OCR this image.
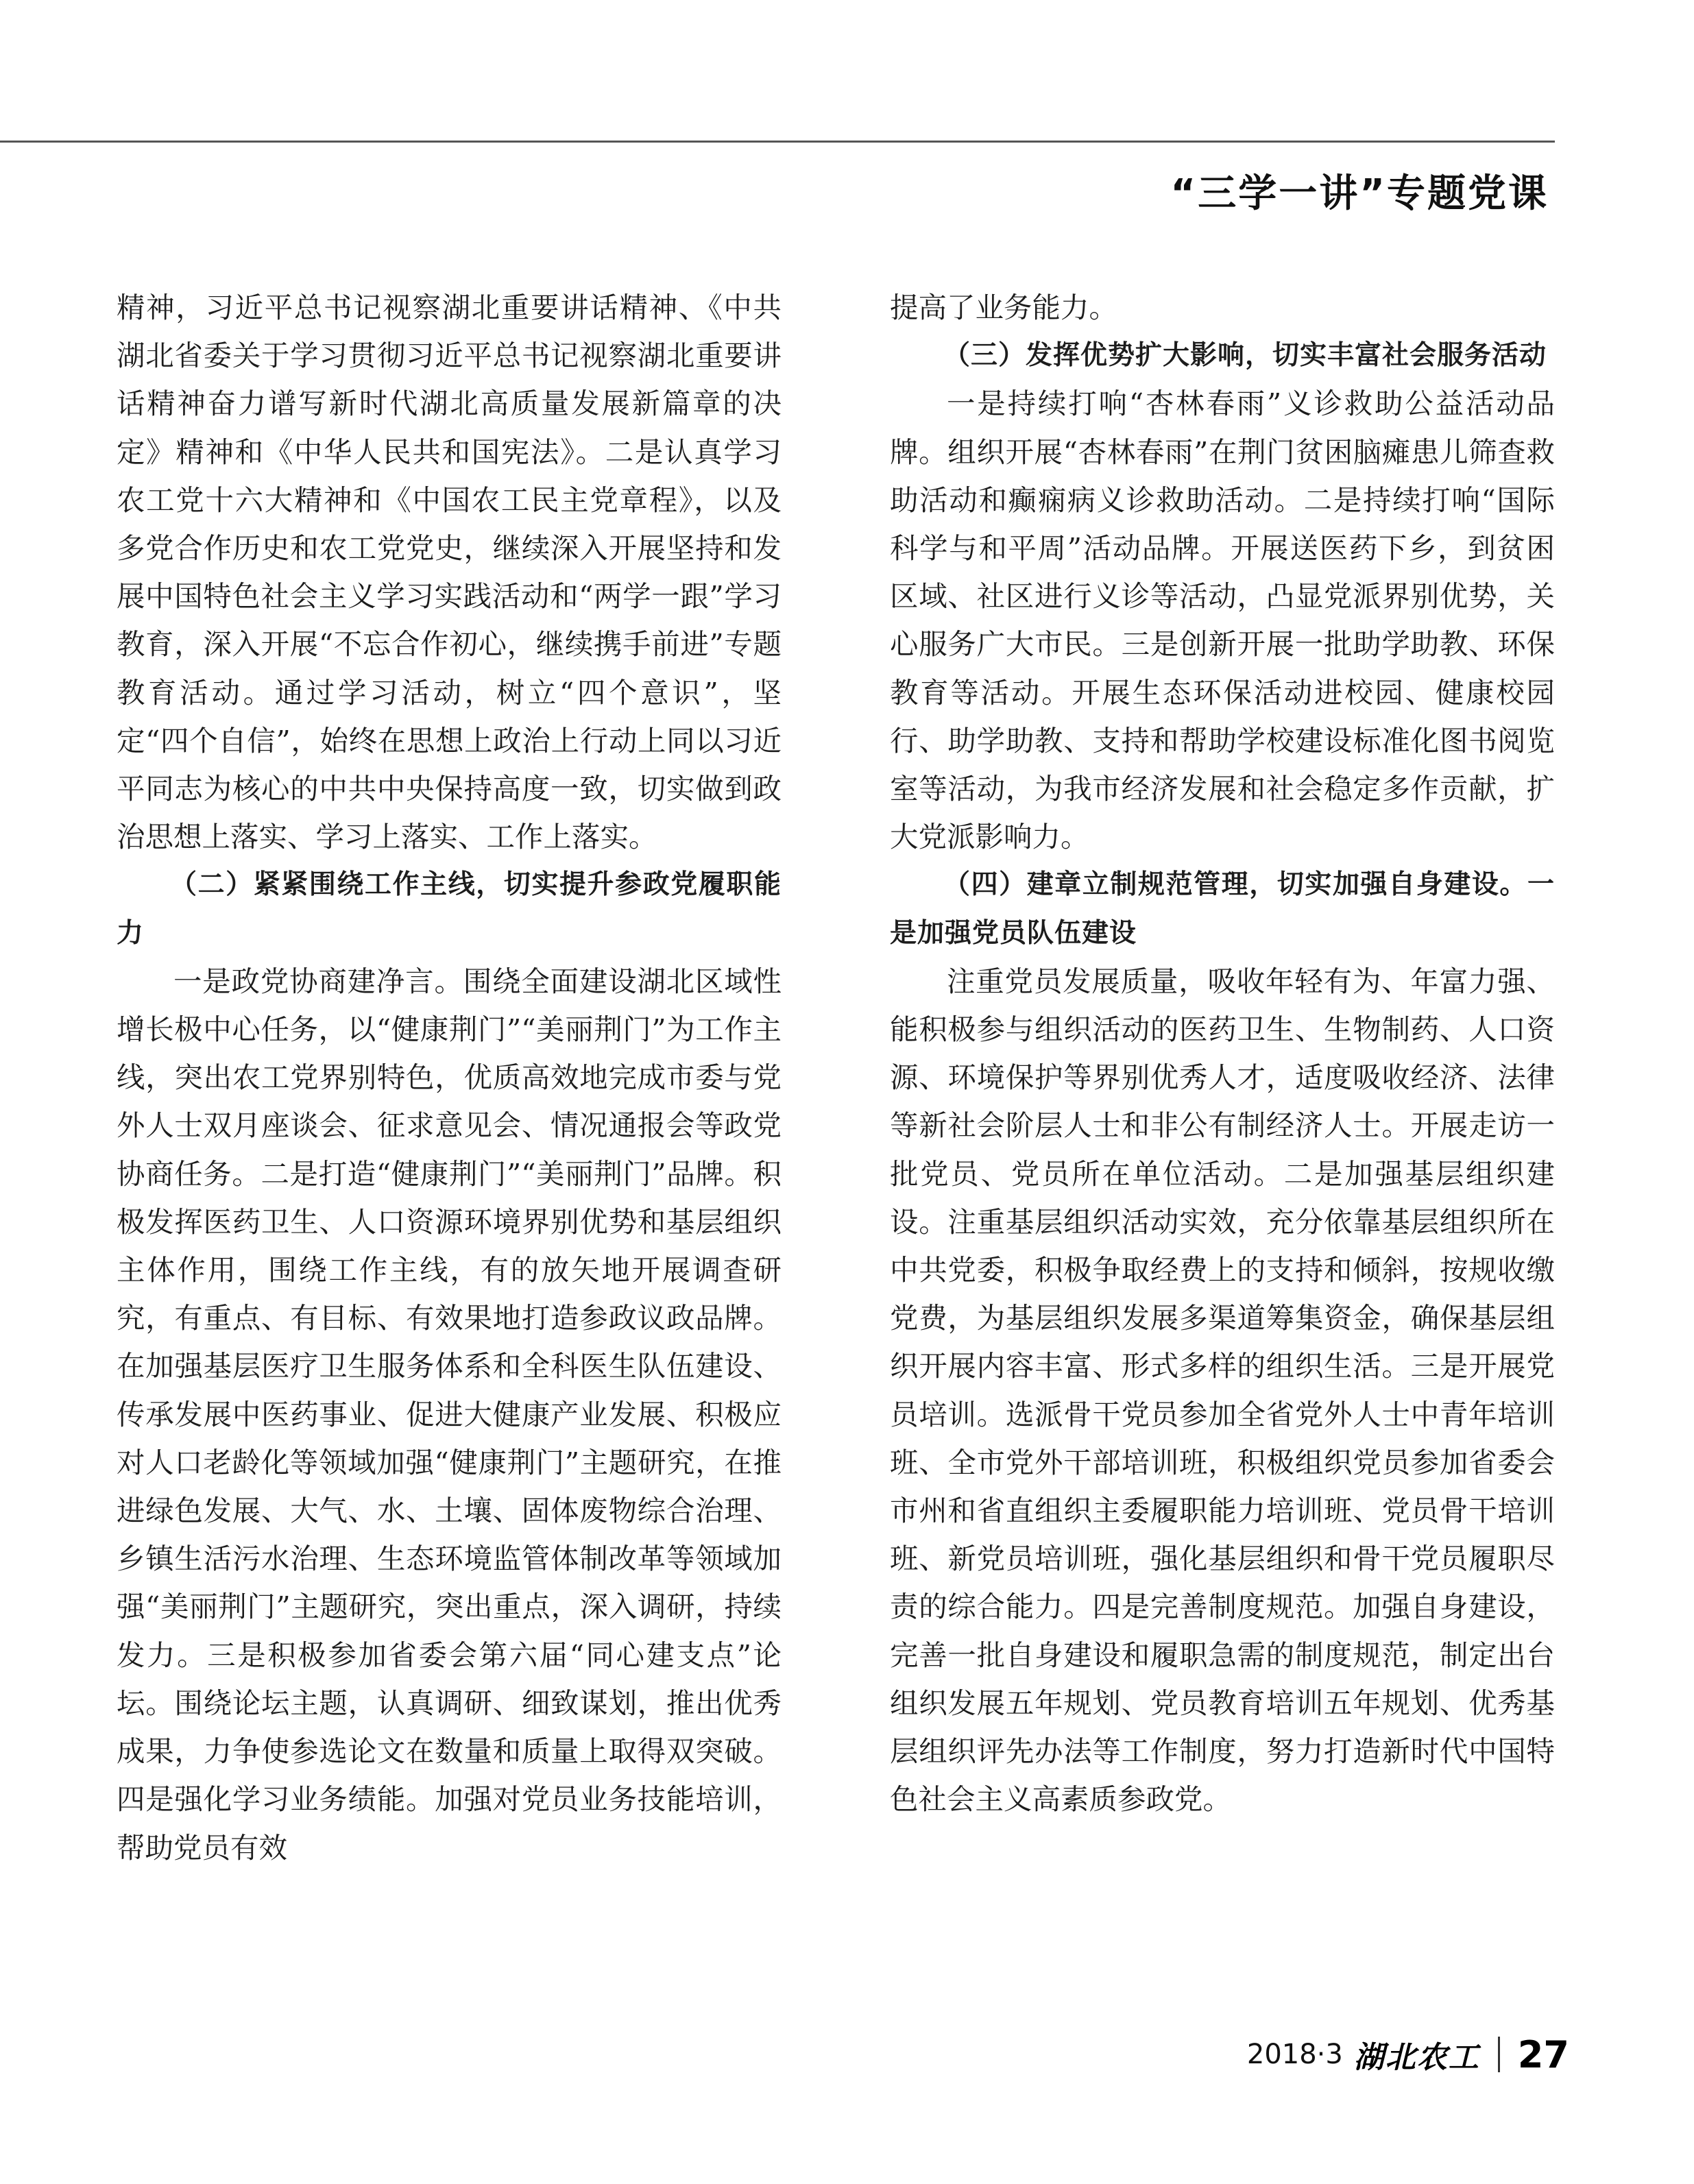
“三学一讲”专题党课

精神，习近平总书记视察湖北重要讲话精神、《中共湖北省委关于学习贯彻习近平总书记视察湖北重要讲话精神奋力谱写新时代湖北高质量发展新篇章的决定》精神和《中华人民共和国宪法》。二是认真学习农工党十六大精神和《中国农工民主党章程》，以及多党合作历史和农工党党史，继续深入开展坚持和发展中国特色社会主义学习实践活动和“两学一跟”学习教育，深入开展“不忘合作初心，继续携手前进”专题教育活动。通过学习活动，树立“四个意识”，坚定“四个自信”，始终在思想上政治上行动上同以习近平同志为核心的中共中央保持高度一致，切实做到政治思想上落实、学习上落实、工作上落实。

（二）紧紧围绕工作主线，切实提升参政党履职能力

一是政党协商建净言。围绕全面建设湖北区域性增长极中心任务，以“健康荆门”“美丽荆门”为工作主线，突出农工党界别特色，优质高效地完成市委与党外人士双月座谈会、征求意见会、情况通报会等政党协商任务。二是打造“健康荆门”“美丽荆门”品牌。积极发挥医药卫生、人口资源环境界别优势和基层组织主体作用，围绕工作主线，有的放矢地开展调查研究，有重点、有目标、有效果地打造参政议政品牌。在加强基层医疗卫生服务体系和全科医生队伍建设、传承发展中医药事业、促进大健康产业发展、积极应对人口老龄化等领域加强“健康荆门”主题研究，在推进绿色发展、大气、水、土壤、固体废物综合治理、乡镇生活污水治理、生态环境监管体制改革等领域加强“美丽荆门”主题研究，突出重点，深入调研，持续发力。三是积极参加省委会第六届“同心建支点”论坛。围绕论坛主题，认真调研、细致谋划，推出优秀成果，力争使参选论文在数量和质量上取得双突破。四是强化学习业务绩能。加强对党员业务技能培训，帮助党员有效

提高了业务能力。

（三）发挥优势扩大影响，切实丰富社会服务活动

一是持续打响“杏林春雨”义诊救助公益活动品牌。组织开展“杏林春雨”在荆门贫困脑瘫患儿筛查救助活动和癫痫病义诊救助活动。二是持续打响“国际科学与和平周”活动品牌。开展送医药下乡，到贫困区域、社区进行义诊等活动，凸显党派界别优势，关心服务广大市民。三是创新开展一批助学助教、环保教育等活动。开展生态环保活动进校园、健康校园行、助学助教、支持和帮助学校建设标准化图书阅览室等活动，为我市经济发展和社会稳定多作贡献，扩大党派影响力。

（四）建章立制规范管理，切实加强自身建设。一是加强党员队伍建设

注重党员发展质量，吸收年轻有为、年富力强、能积极参与组织活动的医药卫生、生物制药、人口资源、环境保护等界别优秀人才，适度吸收经济、法律等新社会阶层人士和非公有制经济人士。开展走访一批党员、党员所在单位活动。二是加强基层组织建设。注重基层组织活动实效，充分依靠基层组织所在中共党委，积极争取经费上的支持和倾斜，按规收缴党费，为基层组织发展多渠道筹集资金，确保基层组织开展内容丰富、形式多样的组织生活。三是开展党员培训。选派骨干党员参加全省党外人士中青年培训班、全市党外干部培训班，积极组织党员参加省委会市州和省直组织主委履职能力培训班、党员骨干培训班、新党员培训班，强化基层组织和骨干党员履职尽责的综合能力。四是完善制度规范。加强自身建设，完善一批自身建设和履职急需的制度规范，制定出台组织发展五年规划、党员教育培训五年规划、优秀基层组织评先办法等工作制度，努力打造新时代中国特色社会主义高素质参政党。

2018·3 湖北农工 27
